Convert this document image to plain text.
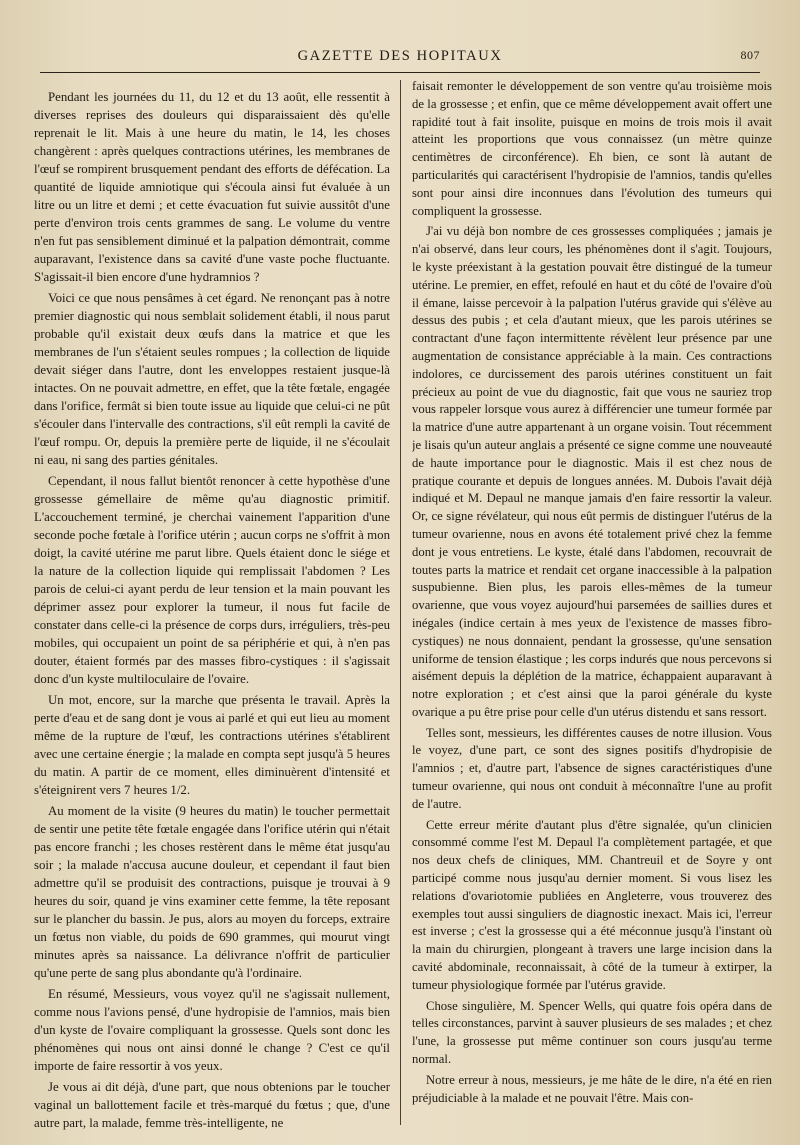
GAZETTE DES HOPITAUX	807

Pendant les journées du 11, du 12 et du 13 août, elle ressentit à diverses reprises des douleurs qui disparaissaient dès qu'elle reprenait le lit. Mais à une heure du matin, le 14, les choses changèrent : après quelques contractions utérines, les membranes de l'œuf se rompirent brusquement pendant des efforts de défécation. La quantité de liquide amniotique qui s'écoula ainsi fut évaluée à un litre ou un litre et demi ; et cette évacuation fut suivie aussitôt d'une perte d'environ trois cents grammes de sang. Le volume du ventre n'en fut pas sensiblement diminué et la palpation démontrait, comme auparavant, l'existence dans sa cavité d'une vaste poche fluctuante. S'agissait-il bien encore d'une hydramnios ?

Voici ce que nous pensâmes à cet égard. Ne renonçant pas à notre premier diagnostic qui nous semblait solidement établi, il nous parut probable qu'il existait deux œufs dans la matrice et que les membranes de l'un s'étaient seules rompues ; la collection de liquide devait siéger dans l'autre, dont les enveloppes restaient jusque-là intactes. On ne pouvait admettre, en effet, que la tête fœtale, engagée dans l'orifice, fermât si bien toute issue au liquide que celui-ci ne pût s'écouler dans l'intervalle des contractions, s'il eût rempli la cavité de l'œuf rompu. Or, depuis la première perte de liquide, il ne s'écoulait ni eau, ni sang des parties génitales.

Cependant, il nous fallut bientôt renoncer à cette hypothèse d'une grossesse gémellaire de même qu'au diagnostic primitif. L'accouchement terminé, je cherchai vainement l'apparition d'une seconde poche fœtale à l'orifice utérin ; aucun corps ne s'offrit à mon doigt, la cavité utérine me parut libre. Quels étaient donc le siége et la nature de la collection liquide qui remplissait l'abdomen ? Les parois de celui-ci ayant perdu de leur tension et la main pouvant les déprimer assez pour explorer la tumeur, il nous fut facile de constater dans celle-ci la présence de corps durs, irréguliers, très-peu mobiles, qui occupaient un point de sa périphérie et qui, à n'en pas douter, étaient formés par des masses fibro-cystiques : il s'agissait donc d'un kyste multiloculaire de l'ovaire.

Un mot, encore, sur la marche que présenta le travail. Après la perte d'eau et de sang dont je vous ai parlé et qui eut lieu au moment même de la rupture de l'œuf, les contractions utérines s'établirent avec une certaine énergie ; la malade en compta sept jusqu'à 5 heures du matin. A partir de ce moment, elles diminuèrent d'intensité et s'éteignirent vers 7 heures 1/2.

Au moment de la visite (9 heures du matin) le toucher permettait de sentir une petite tête fœtale engagée dans l'orifice utérin qui n'était pas encore franchi ; les choses restèrent dans le même état jusqu'au soir ; la malade n'accusa aucune douleur, et cependant il faut bien admettre qu'il se produisit des contractions, puisque je trouvai à 9 heures du soir, quand je vins examiner cette femme, la tête reposant sur le plancher du bassin. Je pus, alors au moyen du forceps, extraire un fœtus non viable, du poids de 690 grammes, qui mourut vingt minutes après sa naissance. La délivrance n'offrit de particulier qu'une perte de sang plus abondante qu'à l'ordinaire.

En résumé, Messieurs, vous voyez qu'il ne s'agissait nullement, comme nous l'avions pensé, d'une hydropisie de l'amnios, mais bien d'un kyste de l'ovaire compliquant la grossesse. Quels sont donc les phénomènes qui nous ont ainsi donné le change ? C'est ce qu'il importe de faire ressortir à vos yeux.

Je vous ai dit déjà, d'une part, que nous obtenions par le toucher vaginal un ballottement facile et très-marqué du fœtus ; que, d'une autre part, la malade, femme très-intelligente, ne

faisait remonter le développement de son ventre qu'au troisième mois de la grossesse ; et enfin, que ce même développement avait offert une rapidité tout à fait insolite, puisque en moins de trois mois il avait atteint les proportions que vous connaissez (un mètre quinze centimètres de circonférence). Eh bien, ce sont là autant de particularités qui caractérisent l'hydropisie de l'amnios, tandis qu'elles sont pour ainsi dire inconnues dans l'évolution des tumeurs qui compliquent la grossesse.

J'ai vu déjà bon nombre de ces grossesses compliquées ; jamais je n'ai observé, dans leur cours, les phénomènes dont il s'agit. Toujours, le kyste préexistant à la gestation pouvait être distingué de la tumeur utérine. Le premier, en effet, refoulé en haut et du côté de l'ovaire d'où il émane, laisse percevoir à la palpation l'utérus gravide qui s'élève au dessus des pubis ; et cela d'autant mieux, que les parois utérines se contractant d'une façon intermittente révèlent leur présence par une augmentation de consistance appréciable à la main. Ces contractions indolores, ce durcissement des parois utérines constituent un fait précieux au point de vue du diagnostic, fait que vous ne sauriez trop vous rappeler lorsque vous aurez à différencier une tumeur formée par la matrice d'une autre appartenant à un organe voisin. Tout récemment je lisais qu'un auteur anglais a présenté ce signe comme une nouveauté de haute importance pour le diagnostic. Mais il est chez nous de pratique courante et depuis de longues années. M. Dubois l'avait déjà indiqué et M. Depaul ne manque jamais d'en faire ressortir la valeur. Or, ce signe révélateur, qui nous eût permis de distinguer l'utérus de la tumeur ovarienne, nous en avons été totalement privé chez la femme dont je vous entretiens. Le kyste, étalé dans l'abdomen, recouvrait de toutes parts la matrice et rendait cet organe inaccessible à la palpation suspubienne. Bien plus, les parois elles-mêmes de la tumeur ovarienne, que vous voyez aujourd'hui parsemées de saillies dures et inégales (indice certain à mes yeux de l'existence de masses fibro-cystiques) ne nous donnaient, pendant la grossesse, qu'une sensation uniforme de tension élastique ; les corps indurés que nous percevons si aisément depuis la déplétion de la matrice, échappaient auparavant à notre exploration ; et c'est ainsi que la paroi générale du kyste ovarique a pu être prise pour celle d'un utérus distendu et sans ressort.

Telles sont, messieurs, les différentes causes de notre illusion. Vous le voyez, d'une part, ce sont des signes positifs d'hydropisie de l'amnios ; et, d'autre part, l'absence de signes caractéristiques d'une tumeur ovarienne, qui nous ont conduit à méconnaître l'une au profit de l'autre.

Cette erreur mérite d'autant plus d'être signalée, qu'un clinicien consommé comme l'est M. Depaul l'a complètement partagée, et que nos deux chefs de cliniques, MM. Chantreuil et de Soyre y ont participé comme nous jusqu'au dernier moment. Si vous lisez les relations d'ovariotomie publiées en Angleterre, vous trouverez des exemples tout aussi singuliers de diagnostic inexact. Mais ici, l'erreur est inverse ; c'est la grossesse qui a été méconnue jusqu'à l'instant où la main du chirurgien, plongeant à travers une large incision dans la cavité abdominale, reconnaissait, à côté de la tumeur à extirper, la tumeur physiologique formée par l'utérus gravide.

Chose singulière, M. Spencer Wells, qui quatre fois opéra dans de telles circonstances, parvint à sauver plusieurs de ses malades ; et chez l'une, la grossesse put même continuer son cours jusqu'au terme normal.

Notre erreur à nous, messieurs, je me hâte de le dire, n'a été en rien préjudiciable à la malade et ne pouvait l'être. Mais con-
